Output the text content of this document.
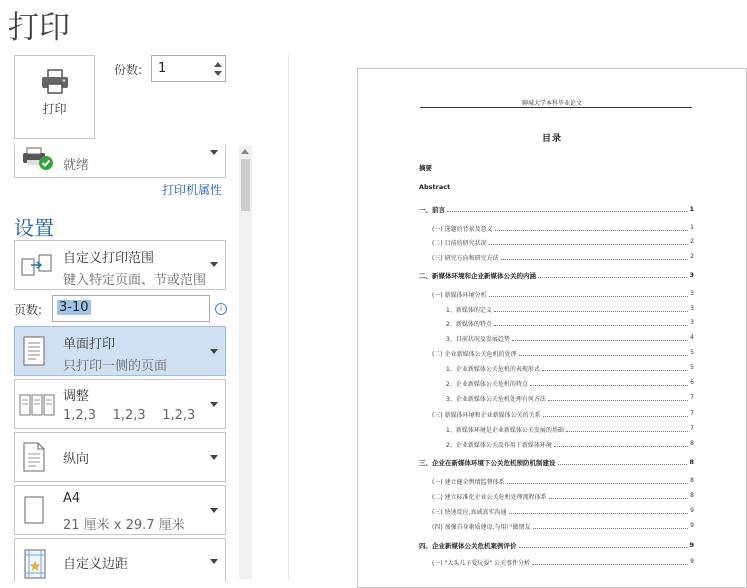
打印
打印
份数: 1
就绪
打印机属性
设置
自定义打印范围
键入特定页面、节或范围
页数: 3-10	i
单面打印
只打印一侧的页面
调整
1,2,3    1,2,3    1,2,3
纵向
A4
21 厘米 x 29.7 厘米
自定义边距
聊城大学本科毕业论文
目录
摘要
Abstract
一、前言	1
(一) 选题的背景及意义	1
(二) 目前的研究状况	2
(三) 研究方向和研究方法	2
二、新媒体环境和企业新媒体公关的内涵	3
(一) 新媒体环境分析	3
1、新媒体的定义	3
2、新媒体的特点	3
3、目前状况及发展趋势	4
(二) 企业新媒体公关危机的处理	5
1、企业新媒体公关危机的表现形式	5
2、企业新媒体公关危机的特点	6
3、企业新媒体公关危机处理有何方法	7
(三) 新媒体环境和企业新媒体公关的关系	7
1、新媒体环境是企业新媒体公关发展的基础	7
2、企业新媒体公关反作用于新媒体环境	8
三、企业在新媒体环境下公关危机预防机制建设	8
(一) 建立健全舆情监督体系	8
(二) 建立标准化企业公关危机处理流程体系	8
(三) 快速反应,真诚真实沟通	9
(四) 加强自身素质建设,与用户做朋友	9
四、企业新媒体公关危机案例评价	9
(一) "大头儿子爱玩耍" 公关事件分析	9
